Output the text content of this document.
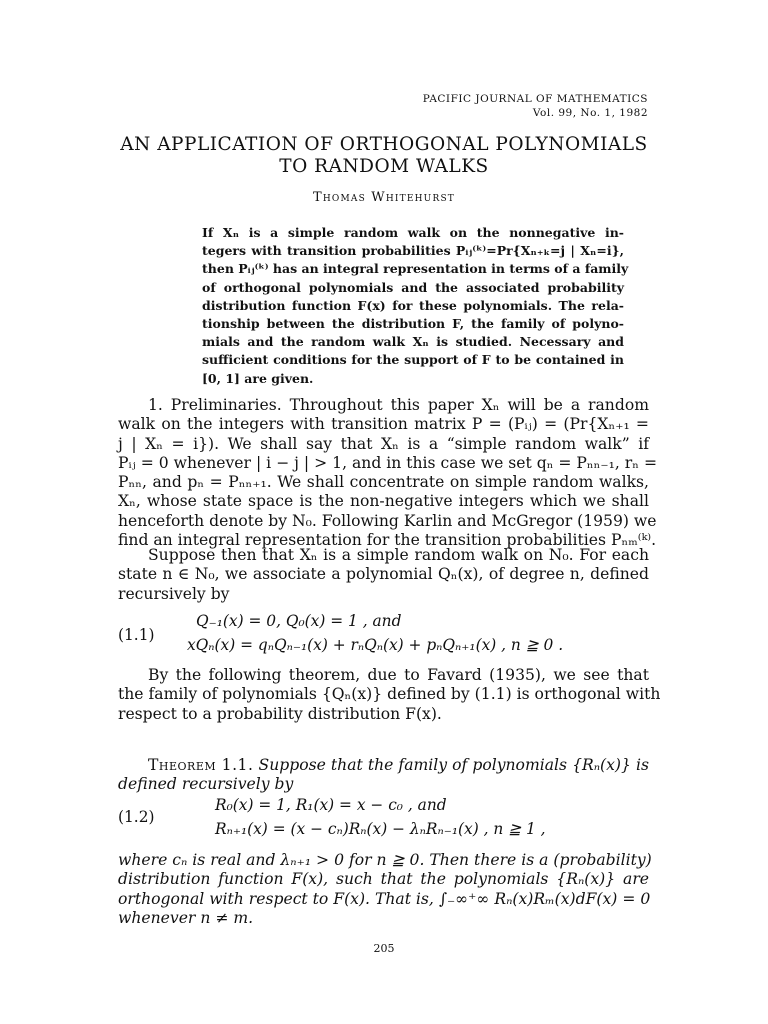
PACIFIC JOURNAL OF MATHEMATICS
Vol. 99, No. 1, 1982
AN APPLICATION OF ORTHOGONAL POLYNOMIALS
TO RANDOM WALKS
Thomas Whitehurst
If Xₙ is a simple random walk on the nonnegative in-
tegers with transition probabilities Pᵢⱼ⁽ᵏ⁾=Pr{Xₙ₊ₖ=j | Xₙ=i},
then Pᵢⱼ⁽ᵏ⁾ has an integral representation in terms of a family
of orthogonal polynomials and the associated probability
distribution function F(x) for these polynomials. The rela-
tionship between the distribution F, the family of polyno-
mials and the random walk Xₙ is studied. Necessary and
sufficient conditions for the support of F to be contained in
[0, 1] are given.
1. Preliminaries. Throughout this paper Xₙ will be a random
walk on the integers with transition matrix P = (Pᵢⱼ) = (Pr{Xₙ₊₁ =
j | Xₙ = i}). We shall say that Xₙ is a “simple random walk” if
Pᵢⱼ = 0 whenever | i − j | > 1, and in this case we set qₙ = Pₙₙ₋₁, rₙ =
Pₙₙ, and pₙ = Pₙₙ₊₁. We shall concentrate on simple random walks,
Xₙ, whose state space is the non-negative integers which we shall
henceforth denote by N₀. Following Karlin and McGregor (1959) we
find an integral representation for the transition probabilities Pₙₘ⁽ᵏ⁾.
Suppose then that Xₙ is a simple random walk on N₀. For each
state n ∈ N₀, we associate a polynomial Qₙ(x), of degree n, defined
recursively by
(1.1)
Q₋₁(x) = 0, Q₀(x) = 1 , and
xQₙ(x) = qₙQₙ₋₁(x) + rₙQₙ(x) + pₙQₙ₊₁(x) , n ≧ 0 .
By the following theorem, due to Favard (1935), we see that
the family of polynomials {Qₙ(x)} defined by (1.1) is orthogonal with
respect to a probability distribution F(x).
Theorem 1.1. Suppose that the family of polynomials {Rₙ(x)} is
defined recursively by
(1.2)
R₀(x) = 1, R₁(x) = x − c₀ , and
Rₙ₊₁(x) = (x − cₙ)Rₙ(x) − λₙRₙ₋₁(x) , n ≧ 1 ,
where cₙ is real and λₙ₊₁ > 0 for n ≧ 0. Then there is a (probability)
distribution function F(x), such that the polynomials {Rₙ(x)} are
orthogonal with respect to F(x). That is, ∫₋∞⁺∞ Rₙ(x)Rₘ(x)dF(x) = 0
whenever n ≠ m.
205
